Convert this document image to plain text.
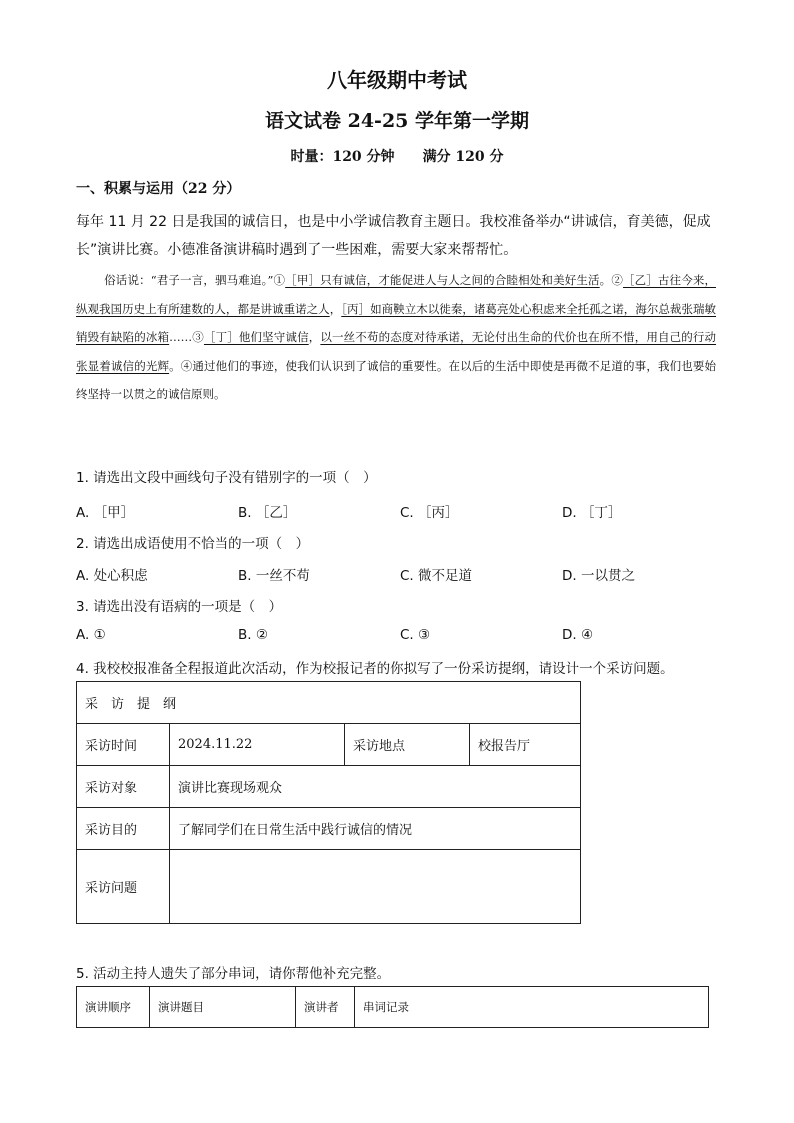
八年级期中考试
语文试卷 24-25 学年第一学期
时量：120 分钟 满分 120 分
一、积累与运用（22 分）
每年 11 月 22 日是我国的诚信日，也是中小学诚信教育主题日。我校准备举办“讲诚信，育美德，促成长”演讲比赛。小德准备演讲稿时遇到了一些困难，需要大家来帮帮忙。
俗话说：“君子一言，驷马难追。”①［甲］只有诚信，才能促进人与人之间的合睦相处和美好生活。②［乙］古往今来，纵观我国历史上有所建数的人，都是讲诚重诺之人，［丙］如商鞅立木以徙秦，诸葛亮处心积虑来全托孤之诺，海尔总裁张瑞敏销毁有缺陷的冰箱……③［丁］他们坚守诚信，以一丝不苟的态度对待承诺，无论付出生命的代价也在所不惜，用自己的行动张显着诚信的光辉。④通过他们的事迹，使我们认识到了诚信的重要性。在以后的生活中即使是再微不足道的事，我们也要始终坚持一以贯之的诚信原则。
1. 请选出文段中画线句子没有错别字的一项（　）
A. ［甲］	B. ［乙］	C. ［丙］	D. ［丁］
2. 请选出成语使用不恰当的一项（　）
A. 处心积虑	B. 一丝不苟	C. 微不足道	D. 一以贯之
3. 请选出没有语病的一项是（　）
A. ①	B. ②	C. ③	D. ④
4. 我校校报准备全程报道此次活动，作为校报记者的你拟写了一份采访提纲，请设计一个采访问题。
采　访　提　纲			
采访时间	2024.11.22	采访地点	校报告厅
采访对象	演讲比赛现场观众		
采访目的	了解同学们在日常生活中践行诚信的情况		
采访问题			
5. 活动主持人遗失了部分串词，请你帮他补充完整。
演讲顺序	演讲题目	演讲者	串词记录
